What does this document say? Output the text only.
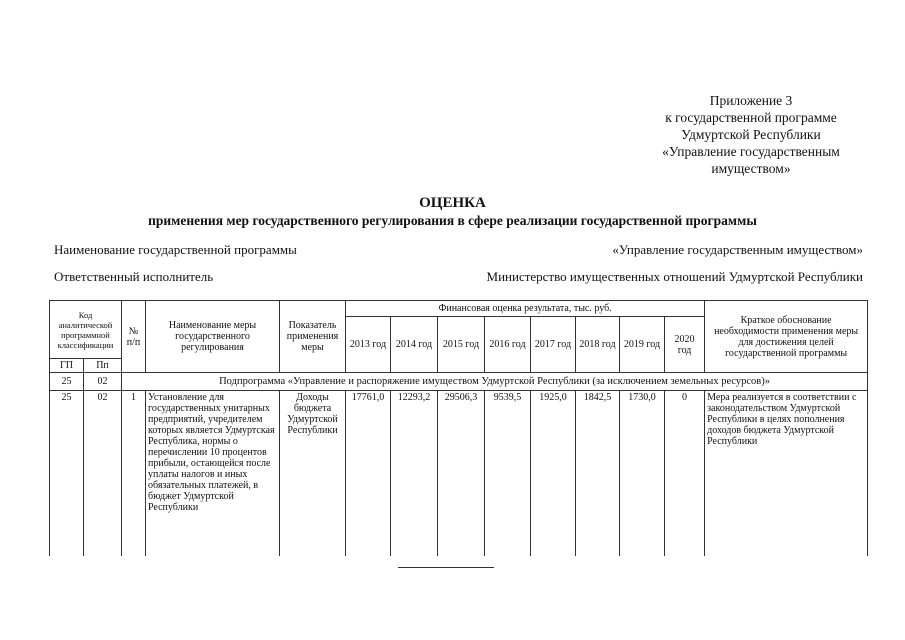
Приложение 3
к государственной программе
Удмуртской Республики
«Управление государственным
имуществом»
ОЦЕНКА
применения мер государственного регулирования в сфере реализации государственной программы
Наименование государственной программы	«Управление государственным имуществом»
Ответственный исполнитель	Министерство имущественных отношений Удмуртской Республики
Код аналитической программной классификации		№ п/п	Наименование меры государственного регулирования	Показатель применения меры	Финансовая оценка результата, тыс. руб.								Краткое обоснование необходимости применения меры для достижения целей государственной программы
					2013 год	2014 год	2015 год	2016 год	2017 год	2018 год	2019 год	2020 год	
ГП	Пп												
25	02	Подпрограмма «Управление и распоряжение имуществом Удмуртской Республики (за исключением земельных ресурсов)»											
25	02	1	Установление для государственных унитарных предприятий, учредителем которых является Удмуртская Республика, нормы о перечислении 10 процентов прибыли, остающейся после уплаты налогов и иных обязательных платежей, в бюджет Удмуртской Республики	Доходы бюджета Удмуртской Республики	17761,0	12293,2	29506,3	9539,5	1925,0	1842,5	1730,0	0	Мера реализуется в соответствии с законодательством Удмуртской Республики в целях пополнения доходов бюджета Удмуртской Республики
